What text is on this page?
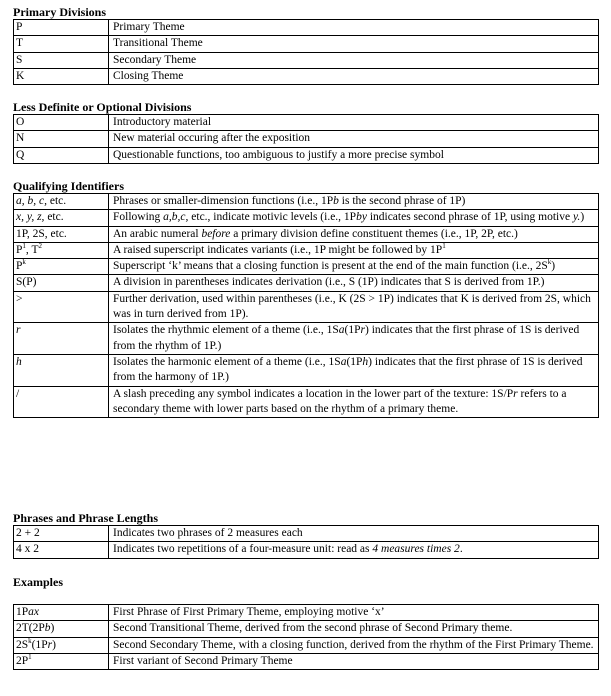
Primary Divisions
P	Primary Theme
T	Transitional Theme
S	Secondary Theme
K	Closing Theme
Less Definite or Optional Divisions
O	Introductory material
N	New material occuring after the exposition
Q	Questionable functions, too ambiguous to justify a more precise symbol
Qualifying Identifiers
a, b, c, etc.	Phrases or smaller-dimension functions (i.e., 1Pb is the second phrase of 1P)
x, y, z, etc.	Following a,b,c, etc., indicate motivic levels (i.e., 1Pby indicates second phrase of 1P, using motive y.)
1P, 2S, etc.	An arabic numeral before a primary division define constituent themes (i.e., 1P, 2P, etc.)
$P^1$, $T^2$	A raised superscript indicates variants (i.e., 1P might be followed by $1P^1$
$P^k$	Superscript ‘k’ means that a closing function is present at the end of the main function (i.e., $2S^k$)
S(P)	A division in parentheses indicates derivation (i.e., S (1P) indicates that S is derived from 1P.)
>	Further derivation, used within parentheses (i.e., K (2S > 1P) indicates that K is derived from 2S, which was in turn derived from 1P).
r	Isolates the rhythmic element of a theme (i.e., 1Sa(1Pr) indicates that the first phrase of 1S is derived from the rhythm of 1P.)
h	Isolates the harmonic element of a theme (i.e., 1Sa(1Ph) indicates that the first phrase of 1S is derived from the harmony of 1P.)
/	A slash preceding any symbol indicates a location in the lower part of the texture: 1S/Pr refers to a secondary theme with lower parts based on the rhythm of a primary theme.
Phrases and Phrase Lengths
2 + 2	Indicates two phrases of 2 measures each
4 x 2	Indicates two repetitions of a four-measure unit: read as 4 measures times 2.
Examples
1Pax	First Phrase of First Primary Theme, employing motive ‘x’
2T(2Pb)	Second Transitional Theme, derived from the second phrase of Second Primary theme.
$2S^k(1Pr)$	Second Secondary Theme, with a closing function, derived from the rhythm of the First Primary Theme.
$2P^1$	First variant of Second Primary Theme
